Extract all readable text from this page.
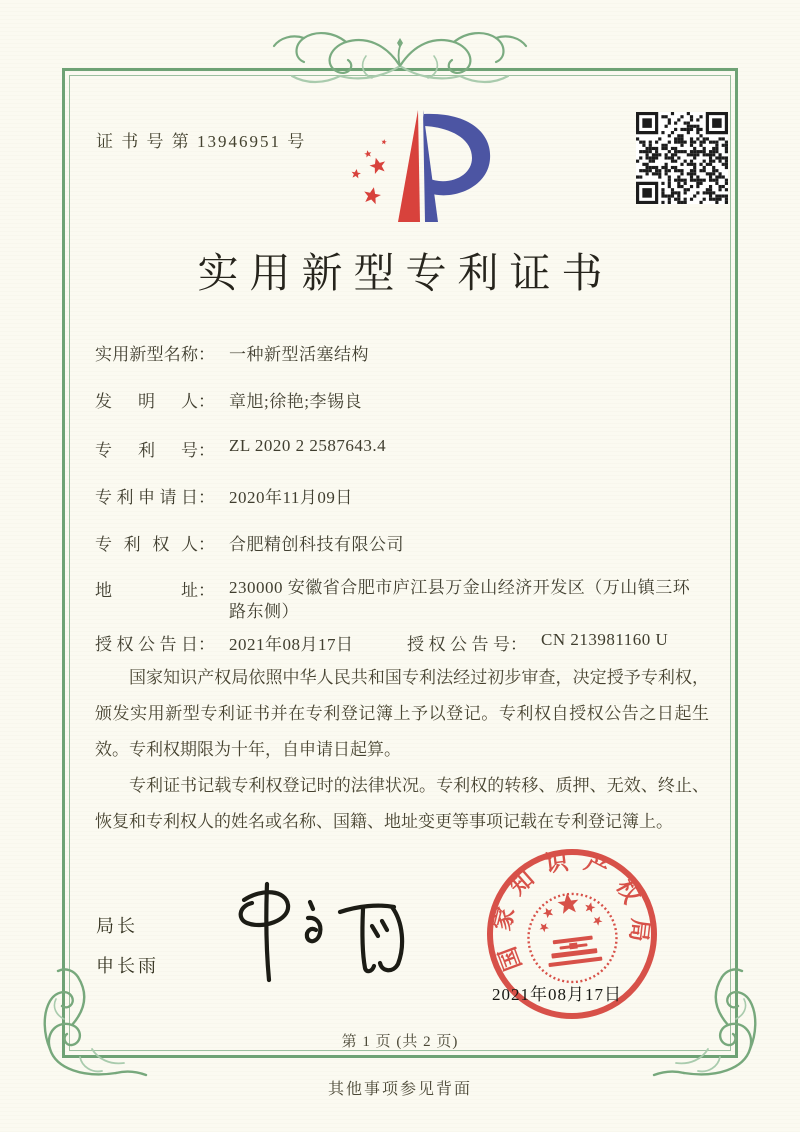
证 书 号 第 13946951 号
实用新型专利证书
实用新型名称： 一种新型活塞结构
发明人： 章旭;徐艳;李锡良
专利号： ZL 2020 2 2587643.4
专利申请日： 2020年11月09日
专利权人： 合肥精创科技有限公司
地址： 230000 安徽省合肥市庐江县万金山经济开发区（万山镇三环路东侧）
授权公告日： 2021年08月17日	授权公告号： CN 213981160 U

国家知识产权局依照中华人民共和国专利法经过初步审查，决定授予专利权，颁发实用新型专利证书并在专利登记簿上予以登记。专利权自授权公告之日起生效。专利权期限为十年，自申请日起算。

专利证书记载专利权登记时的法律状况。专利权的转移、质押、无效、终止、恢复和专利权人的姓名或名称、国籍、地址变更等事项记载在专利登记簿上。

局长
申长雨	国家知识产权局
2021年08月17日
第 1 页 (共 2 页)
其他事项参见背面
